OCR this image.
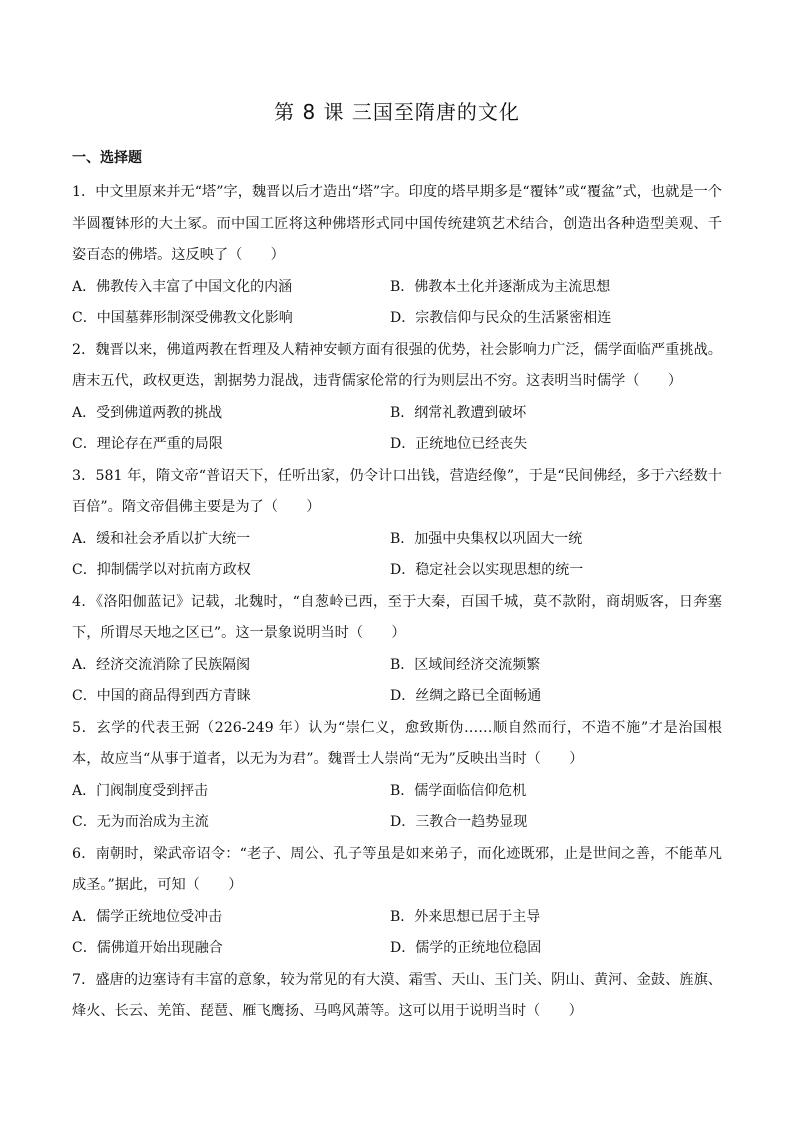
第 8 课 三国至隋唐的文化
一、选择题
1．中文里原来并无“塔”字，魏晋以后才造出“塔”字。印度的塔早期多是“覆钵”或“覆盆”式，也就是一个半圆覆钵形的大土冢。而中国工匠将这种佛塔形式同中国传统建筑艺术结合，创造出各种造型美观、千姿百态的佛塔。这反映了（　　）
A．佛教传入丰富了中国文化的内涵	B．佛教本土化并逐渐成为主流思想
C．中国墓葬形制深受佛教文化影响	D．宗教信仰与民众的生活紧密相连
2．魏晋以来，佛道两教在哲理及人精神安顿方面有很强的优势，社会影响力广泛，儒学面临严重挑战。唐末五代，政权更迭，割据势力混战，违背儒家伦常的行为则层出不穷。这表明当时儒学（　　）
A．受到佛道两教的挑战	B．纲常礼教遭到破坏
C．理论存在严重的局限	D．正统地位已经丧失
3．581 年，隋文帝“普诏天下，任听出家，仍令计口出钱，营造经像”，于是“民间佛经，多于六经数十百倍”。隋文帝倡佛主要是为了（　　）
A．缓和社会矛盾以扩大统一	B．加强中央集权以巩固大一统
C．抑制儒学以对抗南方政权	D．稳定社会以实现思想的统一
4．《洛阳伽蓝记》记载，北魏时，“自葱岭已西，至于大秦，百国千城，莫不款附，商胡贩客，日奔塞下，所谓尽天地之区已”。这一景象说明当时（　　）
A．经济交流消除了民族隔阂	B．区域间经济交流频繁
C．中国的商品得到西方青睐	D．丝绸之路已全面畅通
5．玄学的代表王弼（226-249 年）认为“崇仁义，愈致斯伪……顺自然而行，不造不施”才是治国根本，故应当“从事于道者，以无为为君”。魏晋士人崇尚“无为”反映出当时（　　）
A．门阀制度受到抨击	B．儒学面临信仰危机
C．无为而治成为主流	D．三教合一趋势显现
6．南朝时，梁武帝诏令：“老子、周公、孔子等虽是如来弟子，而化迹既邪，止是世间之善，不能革凡成圣。”据此，可知（　　）
A．儒学正统地位受冲击	B．外来思想已居于主导
C．儒佛道开始出现融合	D．儒学的正统地位稳固
7．盛唐的边塞诗有丰富的意象，较为常见的有大漠、霜雪、天山、玉门关、阴山、黄河、金鼓、旌旗、烽火、长云、羌笛、琵琶、雁飞鹰扬、马鸣风萧等。这可以用于说明当时（　　）
